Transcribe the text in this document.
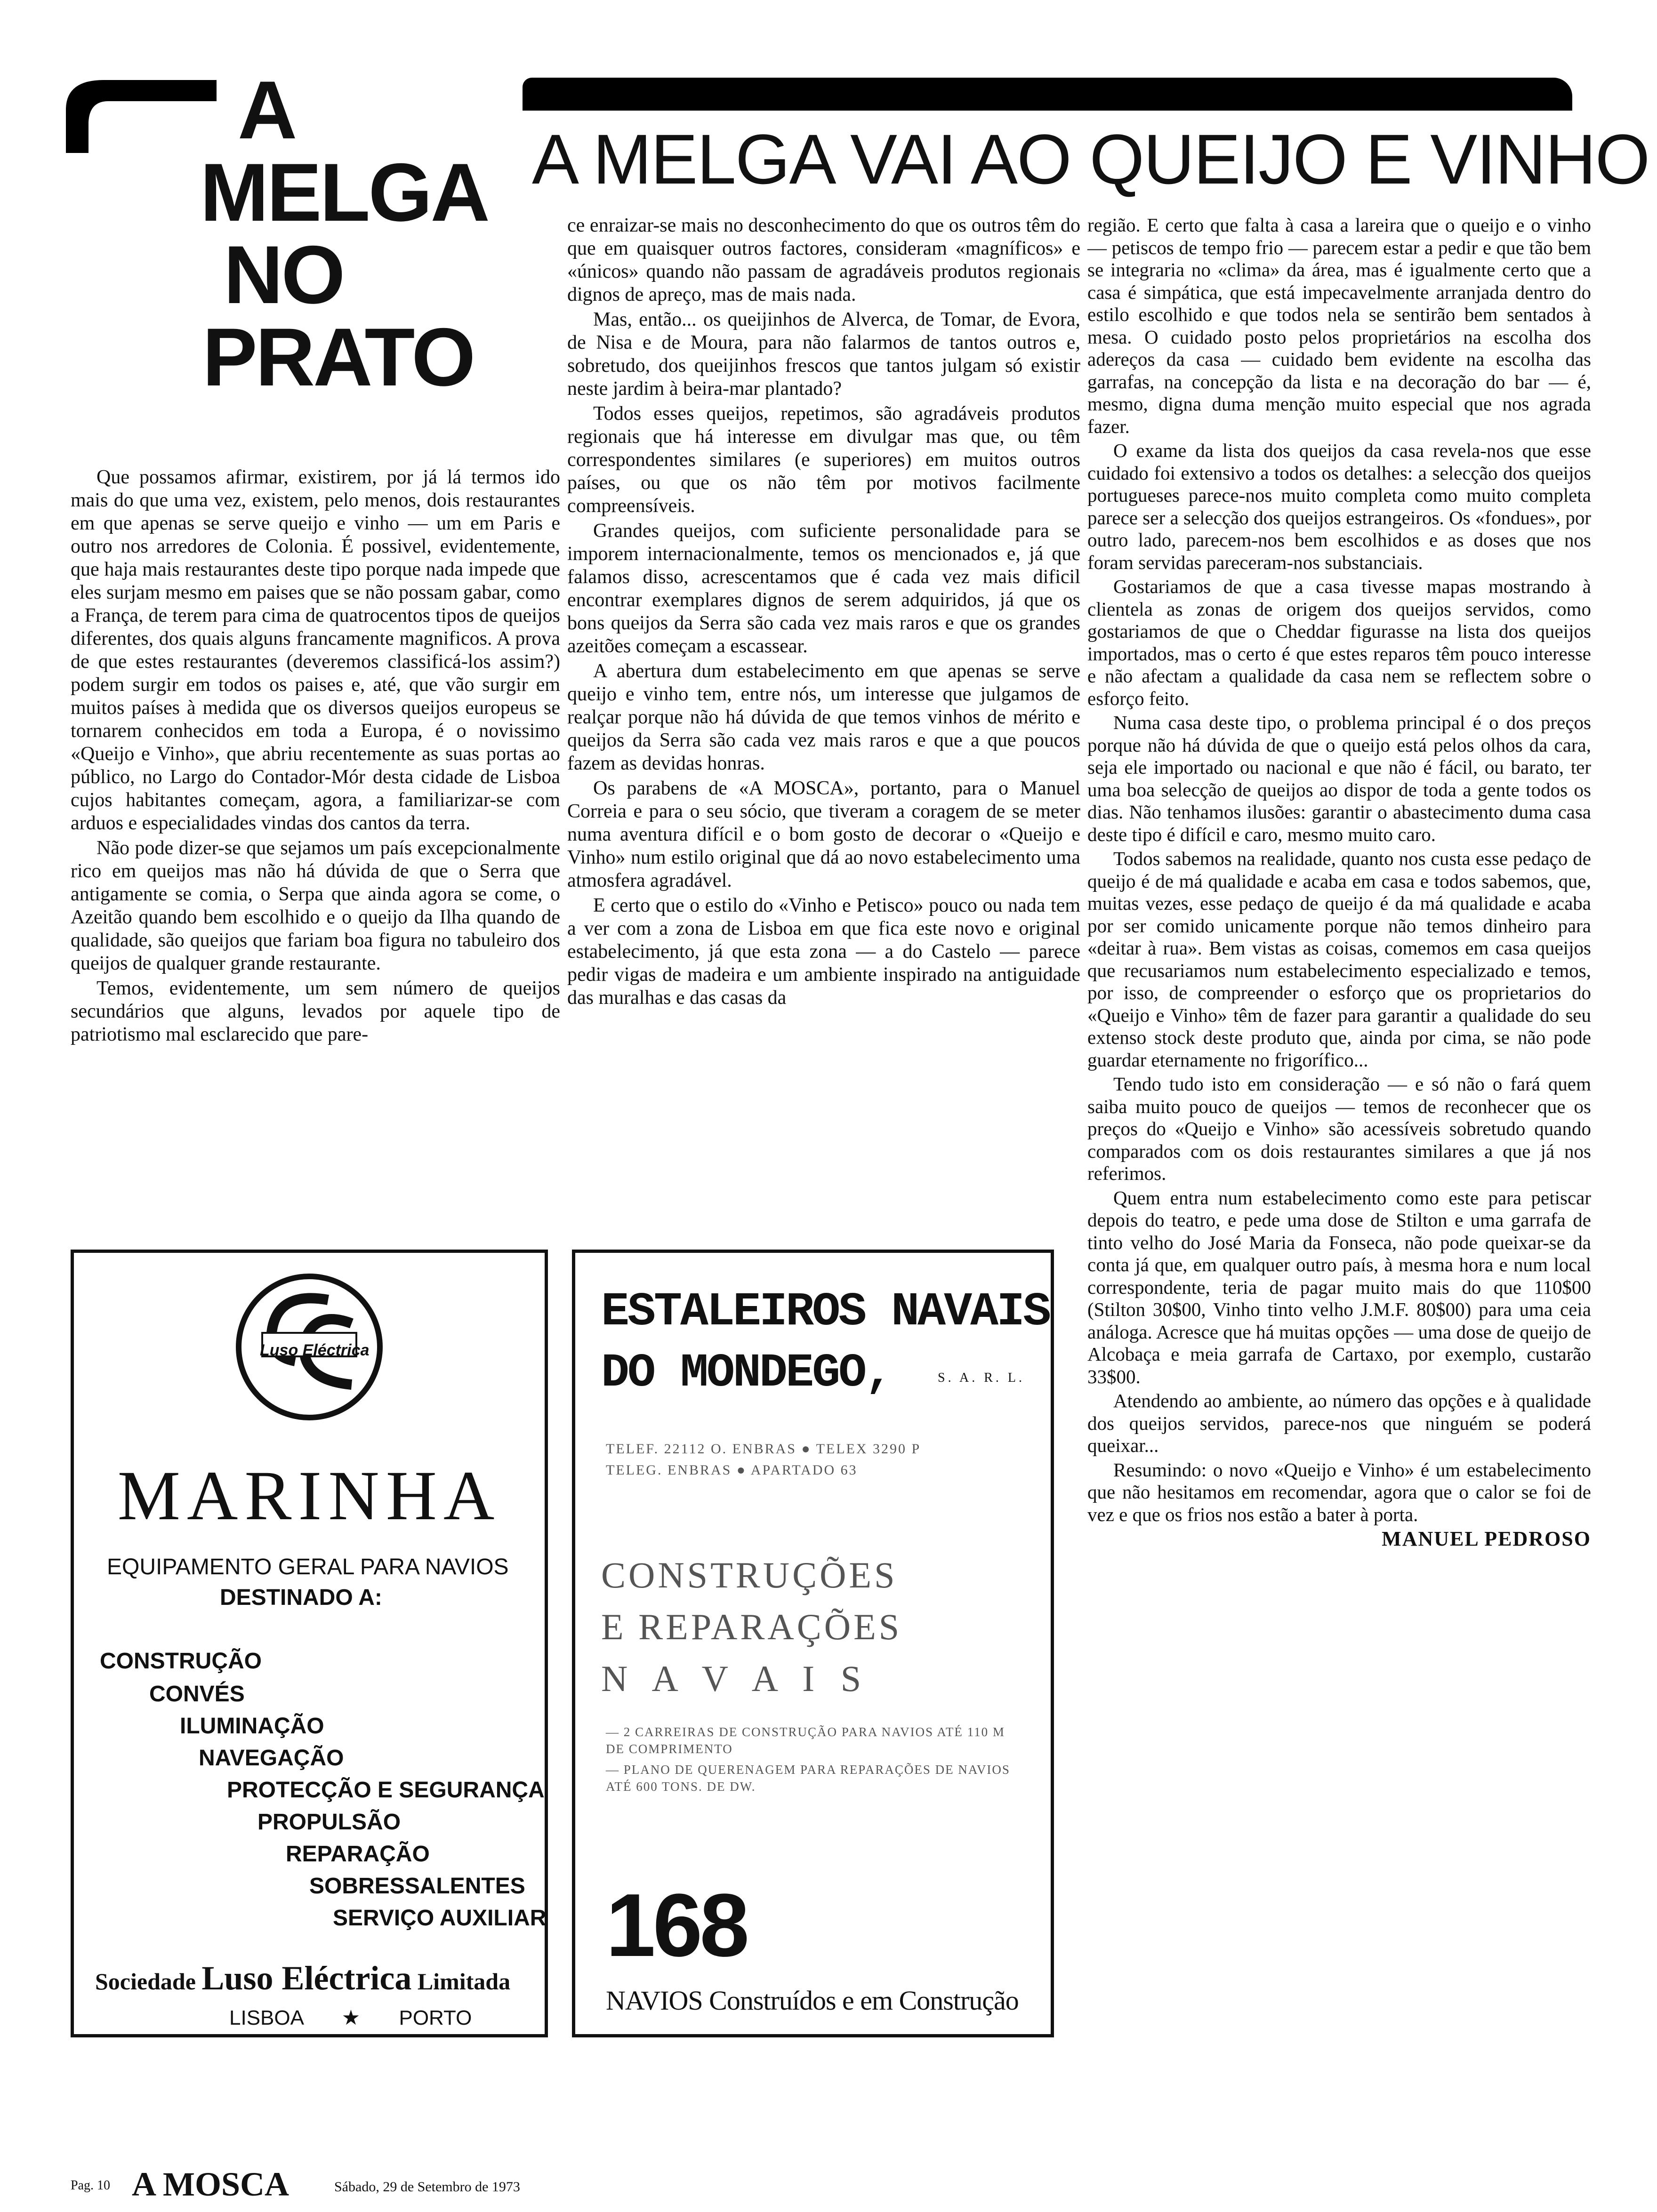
A
MELGA
NO
PRATO
A MELGA VAI AO QUEIJO E VINHO

Que possamos afirmar, existirem, por já lá termos ido mais do que uma vez, existem, pelo menos, dois restaurantes em que apenas se serve queijo e vinho — um em Paris e outro nos arredores de Colonia. É possivel, evidentemente, que haja mais restaurantes deste tipo porque nada impede que eles surjam mesmo em paises que se não possam gabar, como a França, de terem para cima de quatrocentos tipos de queijos diferentes, dos quais alguns francamente magnificos. A prova de que estes restaurantes (deveremos classificá-los assim?) podem surgir em todos os paises e, até, que vão surgir em muitos países à medida que os diversos queijos europeus se tornarem conhecidos em toda a Europa, é o novissimo «Queijo e Vinho», que abriu recentemente as suas portas ao público, no Largo do Contador-Mór desta cidade de Lisboa cujos habitantes começam, agora, a familiarizar-se com arduos e especialidades vindas dos cantos da terra.

Não pode dizer-se que sejamos um país excepcionalmente rico em queijos mas não há dúvida de que o Serra que antigamente se comia, o Serpa que ainda agora se come, o Azeitão quando bem escolhido e o queijo da Ilha quando de qualidade, são queijos que fariam boa figura no tabuleiro dos queijos de qualquer grande restaurante.

Temos, evidentemente, um sem número de queijos secundários que alguns, levados por aquele tipo de patriotismo mal esclarecido que pare-

ce enraizar-se mais no desconhecimento do que os outros têm do que em quaisquer outros factores, consideram «magníficos» e «únicos» quando não passam de agradáveis produtos regionais dignos de apreço, mas de mais nada.

Mas, então... os queijinhos de Alverca, de Tomar, de Evora, de Nisa e de Moura, para não falarmos de tantos outros e, sobretudo, dos queijinhos frescos que tantos julgam só existir neste jardim à beira-mar plantado?

Todos esses queijos, repetimos, são agradáveis produtos regionais que há interesse em divulgar mas que, ou têm correspondentes similares (e superiores) em muitos outros países, ou que os não têm por motivos facilmente compreensíveis.

Grandes queijos, com suficiente personalidade para se imporem internacionalmente, temos os mencionados e, já que falamos disso, acrescentamos que é cada vez mais dificil encontrar exemplares dignos de serem adquiridos, já que os bons queijos da Serra são cada vez mais raros e que os grandes azeitões começam a escassear.

A abertura dum estabelecimento em que apenas se serve queijo e vinho tem, entre nós, um interesse que julgamos de realçar porque não há dúvida de que temos vinhos de mérito e queijos da Serra são cada vez mais raros e que a que poucos fazem as devidas honras.

Os parabens de «A MOSCA», portanto, para o Manuel Correia e para o seu sócio, que tiveram a coragem de se meter numa aventura difícil e o bom gosto de decorar o «Queijo e Vinho» num estilo original que dá ao novo estabelecimento uma atmosfera agradável.

E certo que o estilo do «Vinho e Petisco» pouco ou nada tem a ver com a zona de Lisboa em que fica este novo e original estabelecimento, já que esta zona — a do Castelo — parece pedir vigas de madeira e um ambiente inspirado na antiguidade das muralhas e das casas da

região. E certo que falta à casa a lareira que o queijo e o vinho — petiscos de tempo frio — parecem estar a pedir e que tão bem se integraria no «clima» da área, mas é igualmente certo que a casa é simpática, que está impecavelmente arranjada dentro do estilo escolhido e que todos nela se sentirão bem sentados à mesa. O cuidado posto pelos proprietários na escolha dos adereços da casa — cuidado bem evidente na escolha das garrafas, na concepção da lista e na decoração do bar — é, mesmo, digna duma menção muito especial que nos agrada fazer.

O exame da lista dos queijos da casa revela-nos que esse cuidado foi extensivo a todos os detalhes: a selecção dos queijos portugueses parece-nos muito completa como muito completa parece ser a selecção dos queijos estrangeiros. Os «fondues», por outro lado, parecem-nos bem escolhidos e as doses que nos foram servidas pareceram-nos substanciais.

Gostariamos de que a casa tivesse mapas mostrando à clientela as zonas de origem dos queijos servidos, como gostariamos de que o Cheddar figurasse na lista dos queijos importados, mas o certo é que estes reparos têm pouco interesse e não afectam a qualidade da casa nem se reflectem sobre o esforço feito.

Numa casa deste tipo, o problema principal é o dos preços porque não há dúvida de que o queijo está pelos olhos da cara, seja ele importado ou nacional e que não é fácil, ou barato, ter uma boa selecção de queijos ao dispor de toda a gente todos os dias. Não tenhamos ilusões: garantir o abastecimento duma casa deste tipo é difícil e caro, mesmo muito caro.

Todos sabemos na realidade, quanto nos custa esse pedaço de queijo é de má qualidade e acaba em casa e todos sabemos, que, muitas vezes, esse pedaço de queijo é da má qualidade e acaba por ser comido unicamente porque não temos dinheiro para «deitar à rua». Bem vistas as coisas, comemos em casa queijos que recusariamos num estabelecimento especializado e temos, por isso, de compreender o esforço que os proprietarios do «Queijo e Vinho» têm de fazer para garantir a qualidade do seu extenso stock deste produto que, ainda por cima, se não pode guardar eternamente no frigorífico...

Tendo tudo isto em consideração — e só não o fará quem saiba muito pouco de queijos — temos de reconhecer que os preços do «Queijo e Vinho» são acessíveis sobretudo quando comparados com os dois restaurantes similares a que já nos referimos.

Quem entra num estabelecimento como este para petiscar depois do teatro, e pede uma dose de Stilton e uma garrafa de tinto velho do José Maria da Fonseca, não pode queixar-se da conta já que, em qualquer outro país, à mesma hora e num local correspondente, teria de pagar muito mais do que 110$00 (Stilton 30$00, Vinho tinto velho J.M.F. 80$00) para uma ceia análoga. Acresce que há muitas opções — uma dose de queijo de Alcobaça e meia garrafa de Cartaxo, por exemplo, custarão 33$00.

Atendendo ao ambiente, ao número das opções e à qualidade dos queijos servidos, parece-nos que ninguém se poderá queixar...

Resumindo: o novo «Queijo e Vinho» é um estabelecimento que não hesitamos em recomendar, agora que o calor se foi de vez e que os frios nos estão a bater à porta.

MANUEL PEDROSO

Luso Eléctrica
MARINHA
EQUIPAMENTO GERAL PARA NAVIOS
DESTINADO A:
CONSTRUÇÃO
CONVÉS
ILUMINAÇÃO
NAVEGAÇÃO
PROTECÇÃO E SEGURANÇA
PROPULSÃO
REPARAÇÃO
SOBRESSALENTES
SERVIÇO AUXILIAR
Sociedade Luso Eléctrica Limitada
LISBOA ★ PORTO
ESTALEIROS NAVAIS
DO MONDEGO,	S. A. R. L.
TELEF. 22112 O. ENBRAS ● TELEX 3290 P
TELEG. ENBRAS ● APARTADO 63
CONSTRUÇÕES
E REPARAÇÕES
N A V A I S
— 2 CARREIRAS DE CONSTRUÇÃO PARA NAVIOS ATÉ 110 M DE COMPRIMENTO
— PLANO DE QUERENAGEM PARA REPARAÇÕES DE NAVIOS ATÉ 600 TONS. DE DW.
168
NAVIOS Construídos e em Construção
Pag. 10 A MOSCA	Sábado, 29 de Setembro de 1973
